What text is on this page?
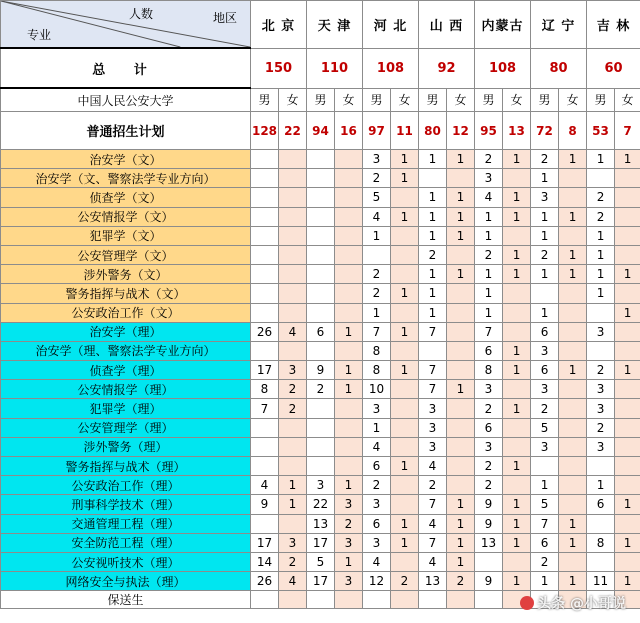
专业
人数 地区	北 京		天 津		河 北		山 西		内蒙古		辽 宁		吉 林	
总 计	150		110		108		92		108		80		60	
中国人民公安大学	男	女	男	女	男	女	男	女	男	女	男	女	男	女
普通招生计划	128	22	94	16	97	11	80	12	95	13	72	8	53	7
治安学（文）					3	1	1	1	2	1	2	1	1	1
治安学（文、警察法学专业方向）					2	1			3		1			
侦查学（文）					5		1	1	4	1	3		2	
公安情报学（文）					4	1	1	1	1	1	1	1	2	
犯罪学（文）					1		1	1	1		1		1	
公安管理学（文）							2		2	1	2	1	1	
涉外警务（文）					2		1	1	1	1	1	1	1	1
警务指挥与战术（文）					2	1	1		1				1	
公安政治工作（文）					1		1		1		1			1
治安学（理）	26	4	6	1	7	1	7		7		6		3	
治安学（理、警察法学专业方向）					8				6	1	3			
侦查学（理）	17	3	9	1	8	1	7		8	1	6	1	2	1
公安情报学（理）	8	2	2	1	10		7	1	3		3		3	
犯罪学（理）	7	2			3		3		2	1	2		3	
公安管理学（理）					1		3		6		5		2	
涉外警务（理）					4		3		3		3		3	
警务指挥与战术（理）					6	1	4		2	1				
公安政治工作（理）	4	1	3	1	2		2		2		1		1	
刑事科学技术（理）	9	1	22	3	3		7	1	9	1	5		6	1
交通管理工程（理）			13	2	6	1	4	1	9	1	7	1		
安全防范工程（理）	17	3	17	3	3	1	7	1	13	1	6	1	8	1
公安视听技术（理）	14	2	5	1	4		4	1			2			
网络安全与执法（理）	26	4	17	3	12	2	13	2	9	1	1	1	11	1
保送生															头条 @小哥说
